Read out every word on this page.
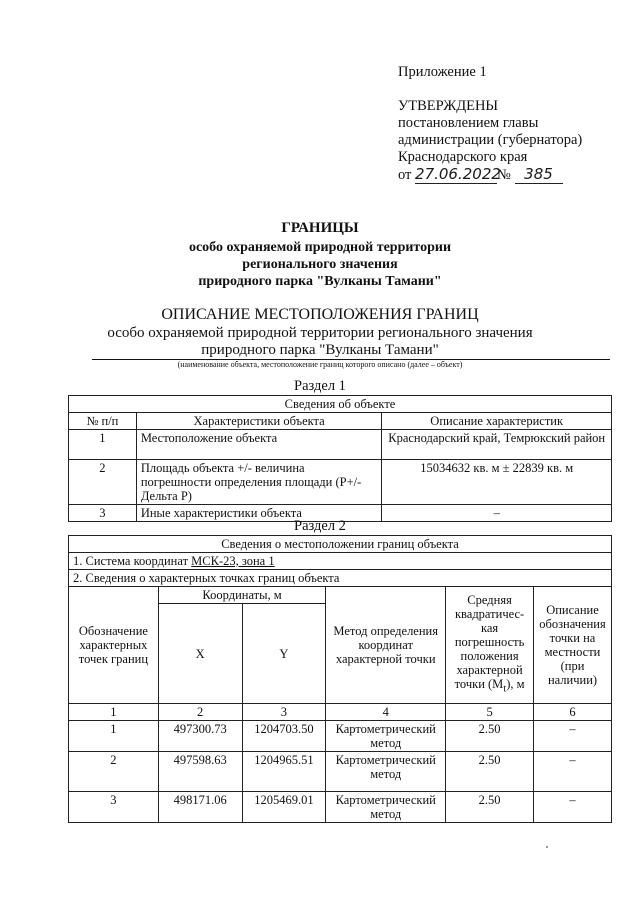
Приложение 1
УТВЕРЖДЕНЫ
постановлением главы
администрации (губернатора)
Краснодарского края
от 27.06.2022№ 385
ГРАНИЦЫ
особо охраняемой природной территории
регионального значения
природного парка "Вулканы Тамани"
ОПИСАНИЕ МЕСТОПОЛОЖЕНИЯ ГРАНИЦ
особо охраняемой природной территории регионального значения
природного парка "Вулканы Тамани"
(наименование объекта, местоположение границ которого описано (далее – объект)
Раздел 1
Сведения об объекте		
№ п/п	Характеристики объекта	Описание характеристик
1	Местоположение объекта	Краснодарский край, Темрюкский район
2	Площадь объекта +/- величина погрешности определения площади (P+/- Дельта P)	15034632 кв. м ± 22839 кв. м
3	Иные характеристики объекта	–
Раздел 2
Сведения о местоположении границ объекта					
1. Система координат МСК-23, зона 1					
2. Сведения о характерных точках границ объекта					
Обозначение характерных точек границ	Координаты, м		Метод определения координат характерной точки	Средняя квадратичес-кая погрешность положения характерной точки $(M_t)$, м	Описание обозначения точки на местности (при наличии)
	X	Y			
1	2	3	4	5	6
1	497300.73	1204703.50	Картометрический метод	2.50	–
2	497598.63	1204965.51	Картометрический метод	2.50	–
3	498171.06	1205469.01	Картометрический метод	2.50	–
